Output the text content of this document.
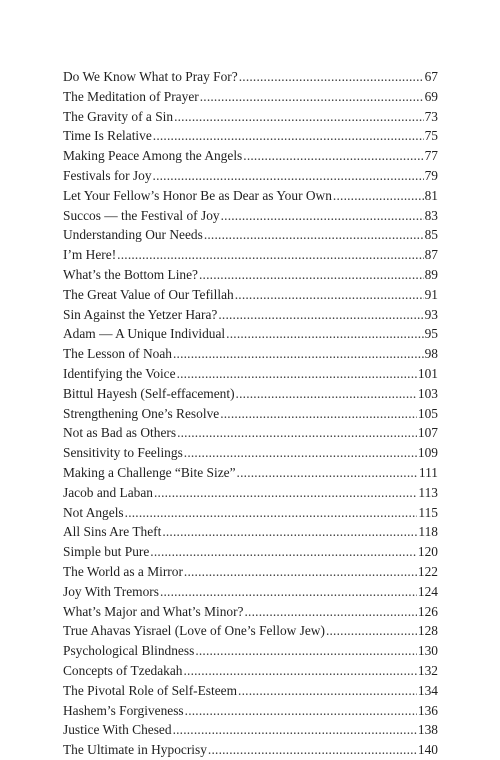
Do We Know What to Pray For? .....	67
The Meditation of Prayer .....	69
The Gravity of a Sin .....	73
Time Is Relative .....	75
Making Peace Among the Angels .....	77
Festivals for Joy .....	79
Let Your Fellow’s Honor Be as Dear as Your Own .....	81
Succos — the Festival of Joy .....	83
Understanding Our Needs .....	85
I’m Here! .....	87
What’s the Bottom Line? .....	89
The Great Value of Our Tefillah .....	91
Sin Against the Yetzer Hara? .....	93
Adam — A Unique Individual .....	95
The Lesson of Noah .....	98
Identifying the Voice .....	101
Bittul Hayesh (Self-effacement) .....	103
Strengthening One’s Resolve .....	105
Not as Bad as Others .....	107
Sensitivity to Feelings .....	109
Making a Challenge “Bite Size” .....	111
Jacob and Laban .....	113
Not Angels .....	115
All Sins Are Theft .....	118
Simple but Pure .....	120
The World as a Mirror .....	122
Joy With Tremors .....	124
What’s Major and What’s Minor? .....	126
True Ahavas Yisrael (Love of One’s Fellow Jew) .....	128
Psychological Blindness .....	130
Concepts of Tzedakah .....	132
The Pivotal Role of Self-Esteem .....	134
Hashem’s Forgiveness .....	136
Justice With Chesed .....	138
The Ultimate in Hypocrisy .....	140
